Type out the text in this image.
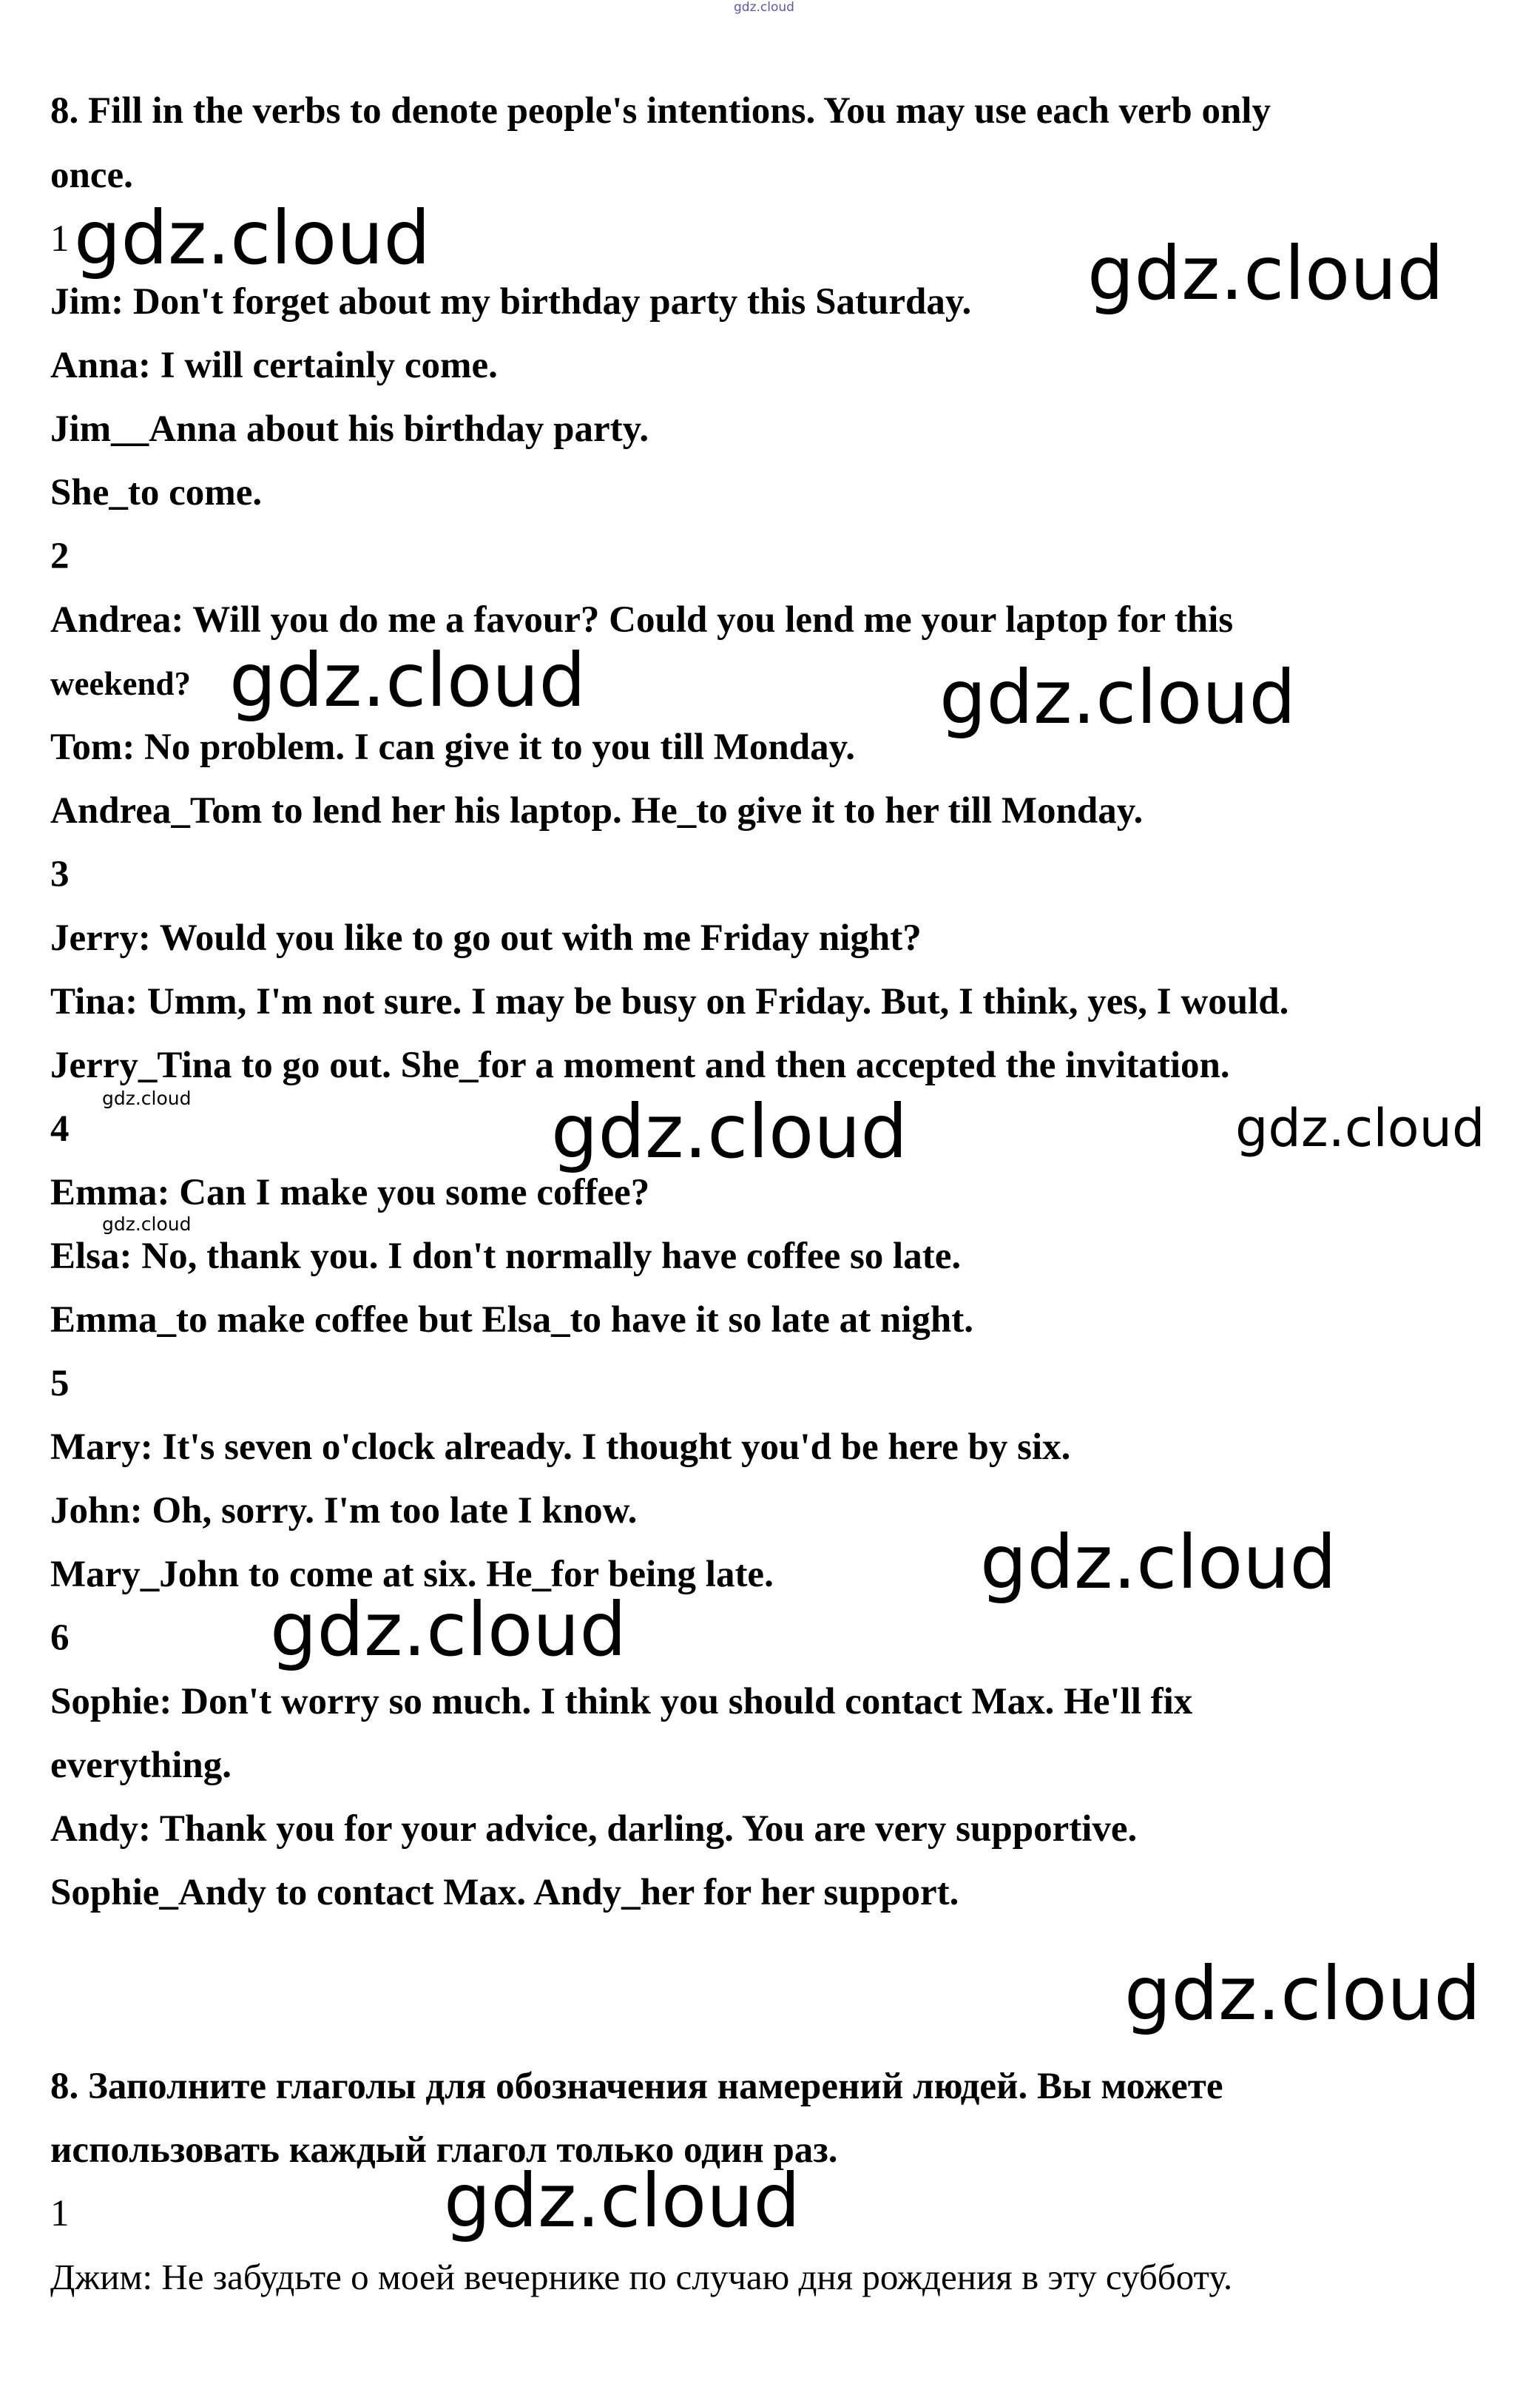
gdz.cloud
8. Fill in the verbs to denote people's intentions. You may use each verb only
once.
1
Jim: Don't forget about my birthday party this Saturday.
Anna: I will certainly come.
Jim__Anna about his birthday party.
She_to come.
2
Andrea: Will you do me a favour? Could you lend me your laptop for this
weekend?
Tom: No problem. I can give it to you till Monday.
Andrea_Tom to lend her his laptop. He_to give it to her till Monday.
3
Jerry: Would you like to go out with me Friday night?
Tina: Umm, I'm not sure. I may be busy on Friday. But, I think, yes, I would.
Jerry_Tina to go out. She_for a moment and then accepted the invitation.
4
Emma: Can I make you some coffee?
Elsa: No, thank you. I don't normally have coffee so late.
Emma_to make coffee but Elsa_to have it so late at night.
5
Mary: It's seven o'clock already. I thought you'd be here by six.
John: Oh, sorry. I'm too late I know.
Mary_John to come at six. He_for being late.
6
Sophie: Don't worry so much. I think you should contact Max. He'll fix
everything.
Andy: Thank you for your advice, darling. You are very supportive.
Sophie_Andy to contact Max. Andy_her for her support.
8. Заполните глаголы для обозначения намерений людей. Вы можете
использовать каждый глагол только один раз.
1
Джим: Не забудьте о моей вечернике по случаю дня рождения в эту субботу.
gdz.cloud	gdz.cloud
gdz.cloud	gdz.cloud
gdz.cloud	gdz.cloud	gdz.cloud
gdz.cloud
gdz.cloud
gdz.cloud
gdz.cloud
gdz.cloud
